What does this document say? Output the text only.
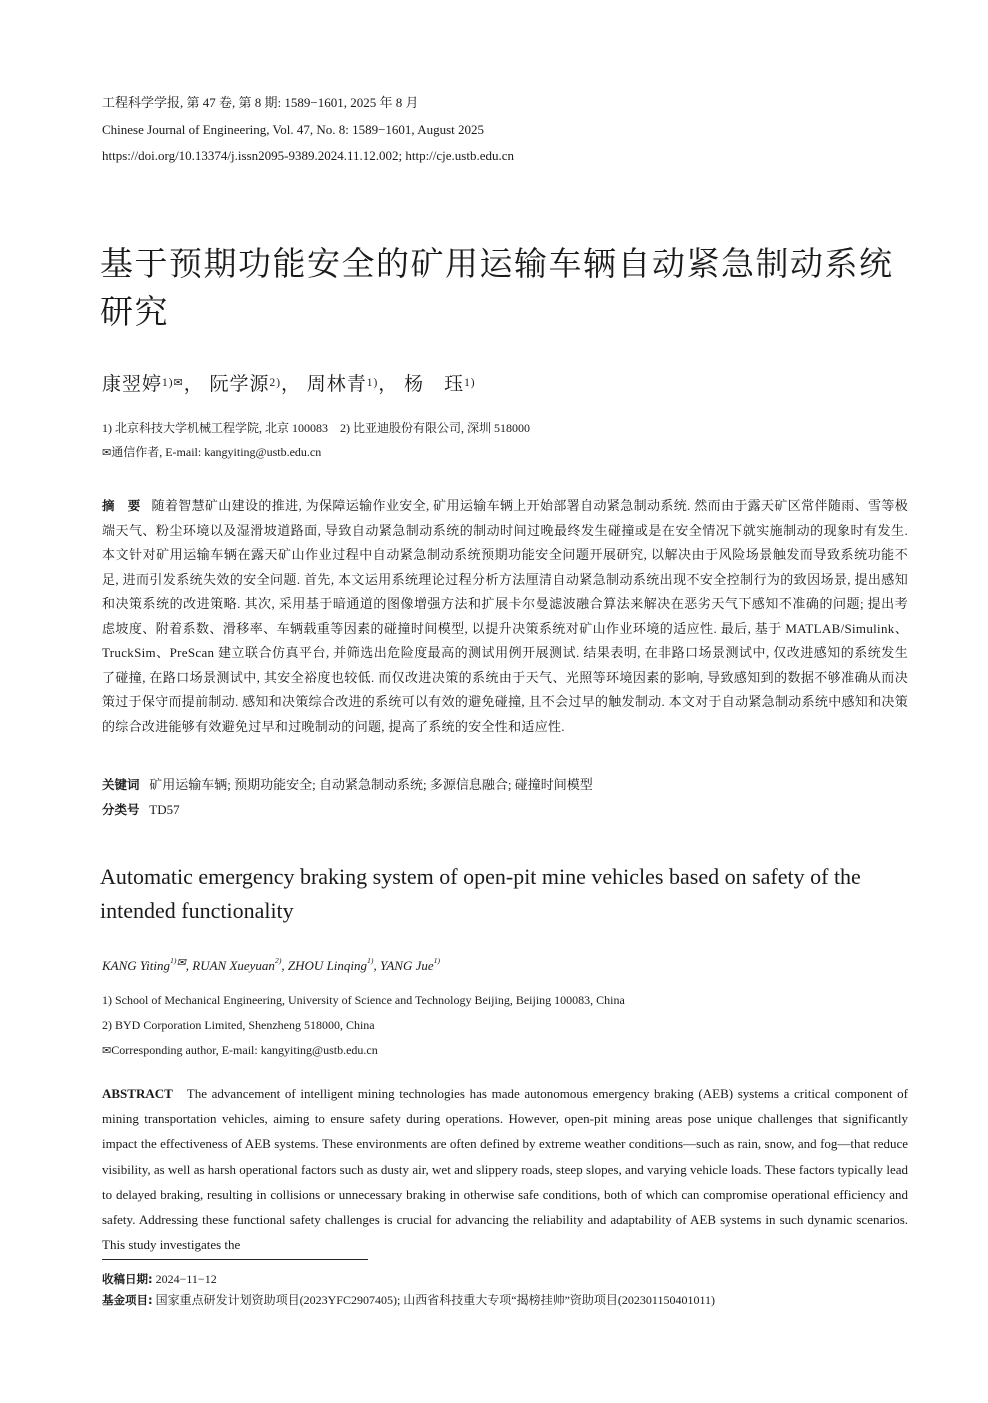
工程科学学报, 第 47 卷, 第 8 期: 1589−1601, 2025 年 8 月
Chinese Journal of Engineering, Vol. 47, No. 8: 1589−1601, August 2025
https://doi.org/10.13374/j.issn2095-9389.2024.11.12.002; http://cje.ustb.edu.cn
基于预期功能安全的矿用运输车辆自动紧急制动系统研究
康翌婷$^{1)✉}$， 阮学源$^{2)}$， 周林青$^{1)}$， 杨　珏$^{1)}$
1) 北京科技大学机械工程学院, 北京 100083　2) 比亚迪股份有限公司, 深圳 518000
✉通信作者, E-mail: kangyiting@ustb.edu.cn
摘　要 随着智慧矿山建设的推进, 为保障运输作业安全, 矿用运输车辆上开始部署自动紧急制动系统. 然而由于露天矿区常伴随雨、雪等极端天气、粉尘环境以及湿滑坡道路面, 导致自动紧急制动系统的制动时间过晚最终发生碰撞或是在安全情况下就实施制动的现象时有发生. 本文针对矿用运输车辆在露天矿山作业过程中自动紧急制动系统预期功能安全问题开展研究, 以解决由于风险场景触发而导致系统功能不足, 进而引发系统失效的安全问题. 首先, 本文运用系统理论过程分析方法厘清自动紧急制动系统出现不安全控制行为的致因场景, 提出感知和决策系统的改进策略. 其次, 采用基于暗通道的图像增强方法和扩展卡尔曼滤波融合算法来解决在恶劣天气下感知不准确的问题; 提出考虑坡度、附着系数、滑移率、车辆载重等因素的碰撞时间模型, 以提升决策系统对矿山作业环境的适应性. 最后, 基于 MATLAB/Simulink、TruckSim、PreScan 建立联合仿真平台, 并筛选出危险度最高的测试用例开展测试. 结果表明, 在非路口场景测试中, 仅改进感知的系统发生了碰撞, 在路口场景测试中, 其安全裕度也较低. 而仅改进决策的系统由于天气、光照等环境因素的影响, 导致感知到的数据不够准确从而决策过于保守而提前制动. 感知和决策综合改进的系统可以有效的避免碰撞, 且不会过早的触发制动. 本文对于自动紧急制动系统中感知和决策的综合改进能够有效避免过早和过晚制动的问题, 提高了系统的安全性和适应性.
关键词 矿用运输车辆; 预期功能安全; 自动紧急制动系统; 多源信息融合; 碰撞时间模型
分类号 TD57
Automatic emergency braking system of open-pit mine vehicles based on safety of the intended functionality
KANG Yiting$^{1)✉}$, RUAN Xueyuan$^{2)}$, ZHOU Linqing$^{1)}$, YANG Jue$^{1)}$
1) School of Mechanical Engineering, University of Science and Technology Beijing, Beijing 100083, China
2) BYD Corporation Limited, Shenzheng 518000, China
✉Corresponding author, E-mail: kangyiting@ustb.edu.cn
ABSTRACT The advancement of intelligent mining technologies has made autonomous emergency braking (AEB) systems a critical component of mining transportation vehicles, aiming to ensure safety during operations. However, open-pit mining areas pose unique challenges that significantly impact the effectiveness of AEB systems. These environments are often defined by extreme weather conditions—such as rain, snow, and fog—that reduce visibility, as well as harsh operational factors such as dusty air, wet and slippery roads, steep slopes, and varying vehicle loads. These factors typically lead to delayed braking, resulting in collisions or unnecessary braking in otherwise safe conditions, both of which can compromise operational efficiency and safety. Addressing these functional safety challenges is crucial for advancing the reliability and adaptability of AEB systems in such dynamic scenarios. This study investigates the
收稿日期: 2024−11−12
基金项目: 国家重点研发计划资助项目(2023YFC2907405); 山西省科技重大专项“揭榜挂帅”资助项目(202301150401011)
